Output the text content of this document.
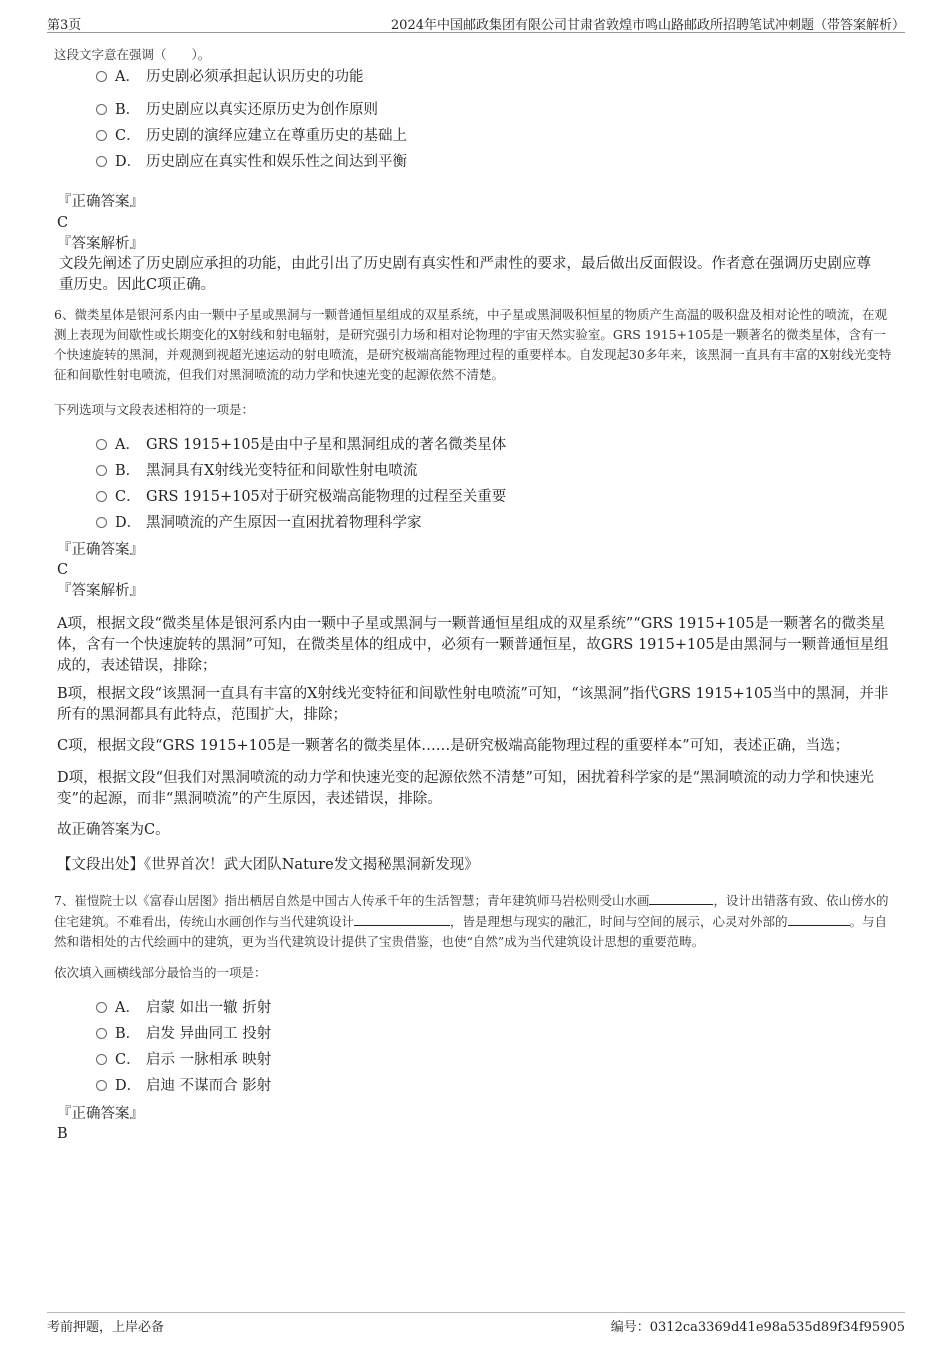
第3页	2024年中国邮政集团有限公司甘肃省敦煌市鸣山路邮政所招聘笔试冲刺题（带答案解析）
这段文字意在强调（　　）。
A． 历史剧必须承担起认识历史的功能
B． 历史剧应以真实还原历史为创作原则
C． 历史剧的演绎应建立在尊重历史的基础上
D． 历史剧应在真实性和娱乐性之间达到平衡
『正确答案』
C
『答案解析』
文段先阐述了历史剧应承担的功能，由此引出了历史剧有真实性和严肃性的要求，最后做出反面假设。作者意在强调历史剧应尊重历史。因此C项正确。
6、微类星体是银河系内由一颗中子星或黑洞与一颗普通恒星组成的双星系统，中子星或黑洞吸积恒星的物质产生高温的吸积盘及相对论性的喷流，在观测上表现为间歇性或长期变化的X射线和射电辐射，是研究强引力场和相对论物理的宇宙天然实验室。GRS 1915+105是一颗著名的微类星体，含有一个快速旋转的黑洞，并观测到视超光速运动的射电喷流，是研究极端高能物理过程的重要样本。自发现起30多年来，该黑洞一直具有丰富的X射线光变特征和间歇性射电喷流，但我们对黑洞喷流的动力学和快速光变的起源依然不清楚。
下列选项与文段表述相符的一项是：
A． GRS 1915+105是由中子星和黑洞组成的著名微类星体
B． 黑洞具有X射线光变特征和间歇性射电喷流
C． GRS 1915+105对于研究极端高能物理的过程至关重要
D． 黑洞喷流的产生原因一直困扰着物理科学家
『正确答案』
C
『答案解析』
A项，根据文段“微类星体是银河系内由一颗中子星或黑洞与一颗普通恒星组成的双星系统”“GRS 1915+105是一颗著名的微类星体，含有一个快速旋转的黑洞”可知，在微类星体的组成中，必须有一颗普通恒星，故GRS 1915+105是由黑洞与一颗普通恒星组成的，表述错误，排除；
B项，根据文段“该黑洞一直具有丰富的X射线光变特征和间歇性射电喷流”可知，“该黑洞”指代GRS 1915+105当中的黑洞，并非所有的黑洞都具有此特点，范围扩大，排除；
C项，根据文段“GRS 1915+105是一颗著名的微类星体……是研究极端高能物理过程的重要样本”可知，表述正确，当选；
D项，根据文段“但我们对黑洞喷流的动力学和快速光变的起源依然不清楚”可知，困扰着科学家的是“黑洞喷流的动力学和快速光变”的起源，而非“黑洞喷流”的产生原因，表述错误，排除。
故正确答案为C。
【文段出处】《世界首次！武大团队Nature发文揭秘黑洞新发现》
7、崔愷院士以《富春山居图》指出栖居自然是中国古人传承千年的生活智慧；青年建筑师马岩松则受山水画	，设计出错落有致、依山傍水的住宅建筑。不难看出，传统山水画创作与当代建筑设计	，皆是理想与现实的融汇，时间与空间的展示，心灵对外部的	。与自然和谐相处的古代绘画中的建筑，更为当代建筑设计提供了宝贵借鉴，也使“自然”成为当代建筑设计思想的重要范畴。
依次填入画横线部分最恰当的一项是：
A． 启蒙 如出一辙 折射
B． 启发 异曲同工 投射
C． 启示 一脉相承 映射
D． 启迪 不谋而合 影射
『正确答案』
B
考前押题，上岸必备	编号：0312ca3369d41e98a535d89f34f95905
